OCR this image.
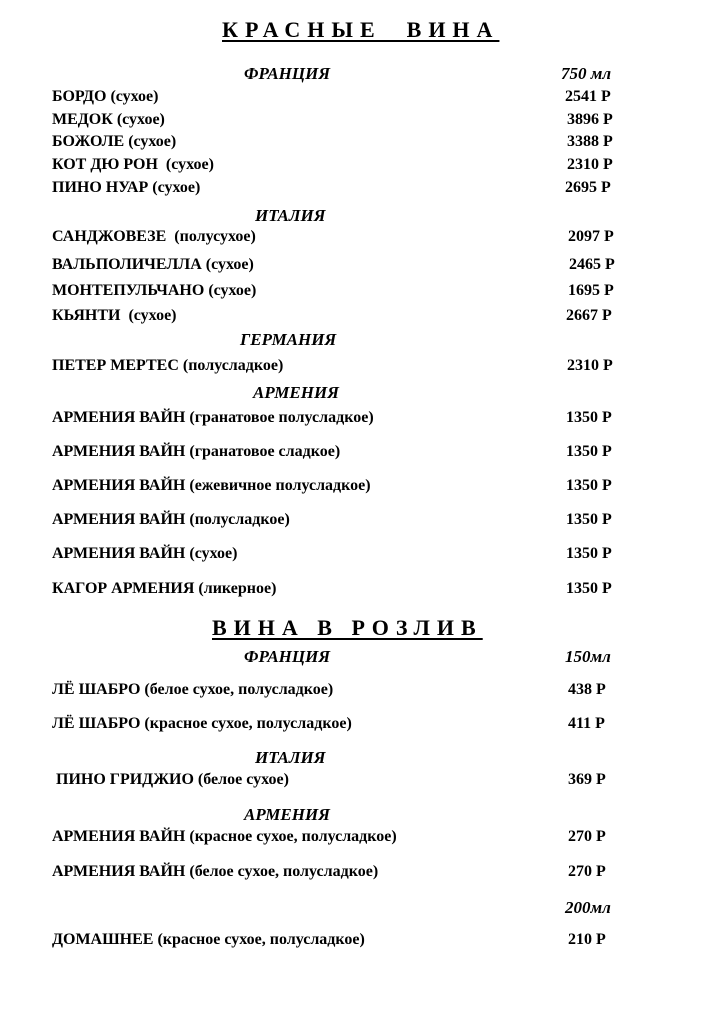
КРАСНЫЕ  ВИНА
ФРАНЦИЯ	750 мл
БОРДО (сухое)	2541 Р
МЕДОК (сухое)	3896 Р
БОЖОЛЕ (сухое)	3388 Р
КОТ ДЮ РОН  (сухое)	2310 Р
ПИНО НУАР (сухое)	2695 Р
ИТАЛИЯ
САНДЖОВЕЗЕ  (полусухое)	2097 Р
ВАЛЬПОЛИЧЕЛЛА (сухое)	2465 Р
МОНТЕПУЛЬЧАНО (сухое)	1695 Р
КЬЯНТИ  (сухое)	2667 Р
ГЕРМАНИЯ
ПЕТЕР МЕРТЕС (полусладкое)	2310 Р
АРМЕНИЯ
АРМЕНИЯ ВАЙН (гранатовое полусладкое)	1350 Р
АРМЕНИЯ ВАЙН (гранатовое сладкое)	1350 Р
АРМЕНИЯ ВАЙН (ежевичное полусладкое)	1350 Р
АРМЕНИЯ ВАЙН (полусладкое)	1350 Р
АРМЕНИЯ ВАЙН (сухое)	1350 Р
КАГОР АРМЕНИЯ (ликерное)	1350 Р
ВИНА В РОЗЛИВ
ФРАНЦИЯ	150мл
ЛЁ ШАБРО (белое сухое, полусладкое)	438 Р
ЛЁ ШАБРО (красное сухое, полусладкое)	411 Р
ИТАЛИЯ
ПИНО ГРИДЖИО (белое сухое)	369 Р
АРМЕНИЯ
АРМЕНИЯ ВАЙН (красное сухое, полусладкое)	270 Р
АРМЕНИЯ ВАЙН (белое сухое, полусладкое)	270 Р
200мл
ДОМАШНЕЕ (красное сухое, полусладкое)	210 Р
